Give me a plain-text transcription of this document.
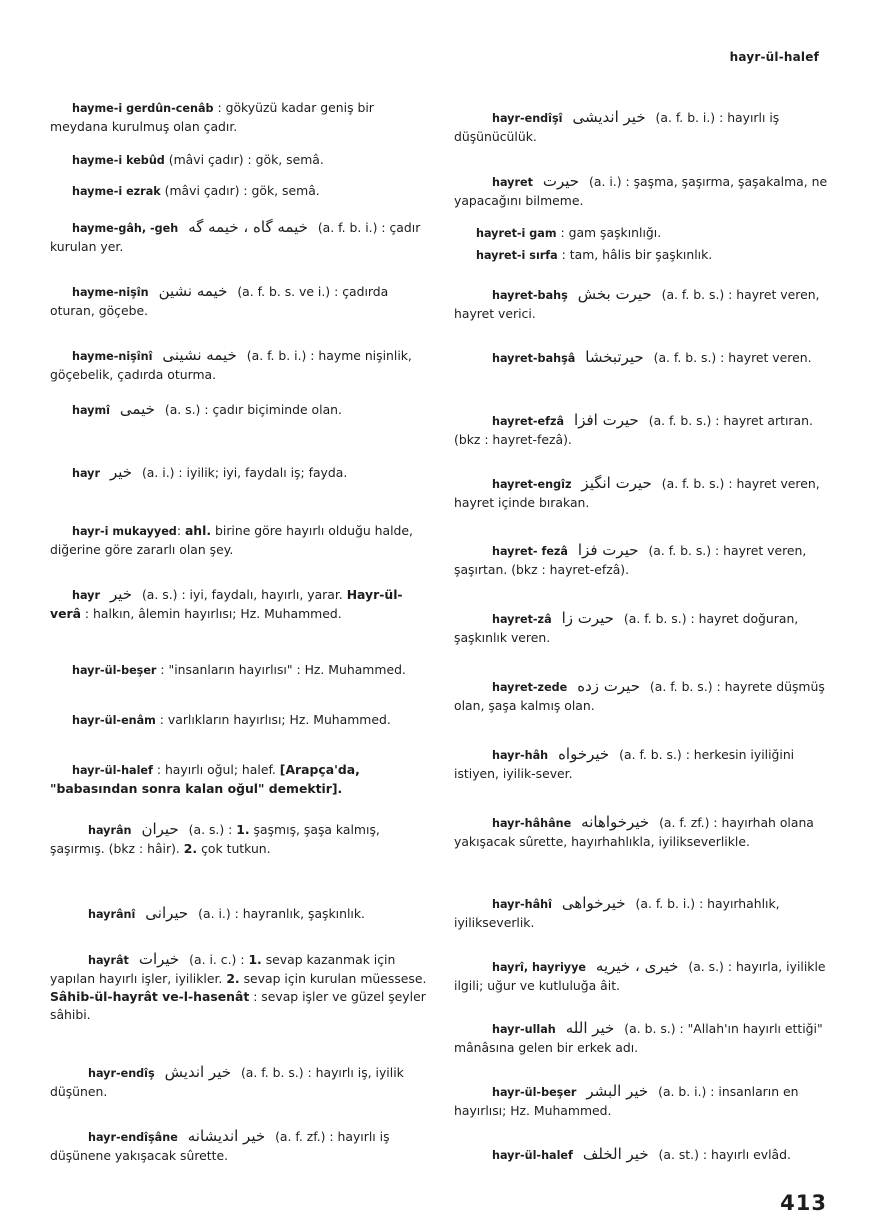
hayr-ül-halef

hayme-i gerdûn-cenâb : gökyüzü kadar geniş bir meydana kurulmuş olan çadır.

hayme-i kebûd (mâvi çadır) : gök, semâ.

hayme-i ezrak (mâvi çadır) : gök, semâ.

hayme-gâh, -geh خیمه گاه ، خیمه گه (a. f. b. i.) : çadır kurulan yer.

hayme-nişîn خیمه نشین (a. f. b. s. ve i.) : çadırda oturan, göçebe.

hayme-nişînî خیمه نشینی (a. f. b. i.) : hayme nişinlik, göçebelik, çadırda oturma.

haymî خیمی (a. s.) : çadır biçiminde olan.

hayr خیر (a. i.) : iyilik; iyi, faydalı iş; fayda.

hayr-i mukayyed: ahl. birine göre hayırlı olduğu halde, diğerine göre zararlı olan şey.

hayr خیر (a. s.) : iyi, faydalı, hayırlı, yarar. Hayr-ül-verâ : halkın, âlemin hayırlısı; Hz. Muhammed.

hayr-ül-beşer : "insanların hayırlısı" : Hz. Muhammed.

hayr-ül-enâm : varlıkların hayırlısı; Hz. Muhammed.

hayr-ül-halef : hayırlı oğul; halef. [Arapça'da, "babasından sonra kalan oğul" demektir].

hayrân حیران (a. s.) : 1. şaşmış, şaşa kalmış, şaşırmış. (bkz : hâir). 2. çok tutkun.

hayrânî حیرانی (a. i.) : hayranlık, şaşkınlık.

hayrât خیرات (a. i. c.) : 1. sevap kazanmak için yapılan hayırlı işler, iyilikler. 2. sevap için kurulan müessese. Sâhib-ül-hayrât ve-l-hasenât : sevap işler ve güzel şeyler sâhibi.

hayr-endîş خیر اندیش (a. f. b. s.) : hayırlı iş, iyilik düşünen.

hayr-endîşâne خیر اندیشانه (a. f. zf.) : hayırlı iş düşünene yakışacak sûrette.

hayr-endîşî خیر اندیشی (a. f. b. i.) : hayırlı iş düşünücülük.

hayret حیرت (a. i.) : şaşma, şaşırma, şaşakalma, ne yapacağını bilmeme.

hayret-i gam : gam şaşkınlığı.

hayret-i sırfa : tam, hâlis bir şaşkınlık.

hayret-bahş حیرت بخش (a. f. b. s.) : hayret veren, hayret verici.

hayret-bahşâ حیرتبخشا (a. f. b. s.) : hayret veren.

hayret-efzâ حیرت افزا (a. f. b. s.) : hayret artıran. (bkz : hayret-fezâ).

hayret-engîz حیرت انگیز (a. f. b. s.) : hayret veren, hayret içinde bırakan.

hayret- fezâ حیرت فزا (a. f. b. s.) : hayret veren, şaşırtan. (bkz : hayret-efzâ).

hayret-zâ حیرت زا (a. f. b. s.) : hayret doğuran, şaşkınlık veren.

hayret-zede حیرت زده (a. f. b. s.) : hayrete düşmüş olan, şaşa kalmış olan.

hayr-hâh خیرخواه (a. f. b. s.) : herkesin iyiliğini istiyen, iyilik-sever.

hayr-hâhâne خیرخواهانه (a. f. zf.) : hayırhah olana yakışacak sûrette, hayırhahlıkla, iyilikseverlikle.

hayr-hâhî خیرخواهی (a. f. b. i.) : hayırhahlık, iyilikseverlik.

hayrî, hayriyye خیری ، خیریه (a. s.) : hayırla, iyilikle ilgili; uğur ve kutluluğa âit.

hayr-ullah خیر الله (a. b. s.) : "Allah'ın hayırlı ettiği" mânâsına gelen bir erkek adı.

hayr-ül-beşer خیر البشر (a. b. i.) : insanların en hayırlısı; Hz. Muhammed.

hayr-ül-halef خیر الخلف (a. st.) : hayırlı evlâd.

413
